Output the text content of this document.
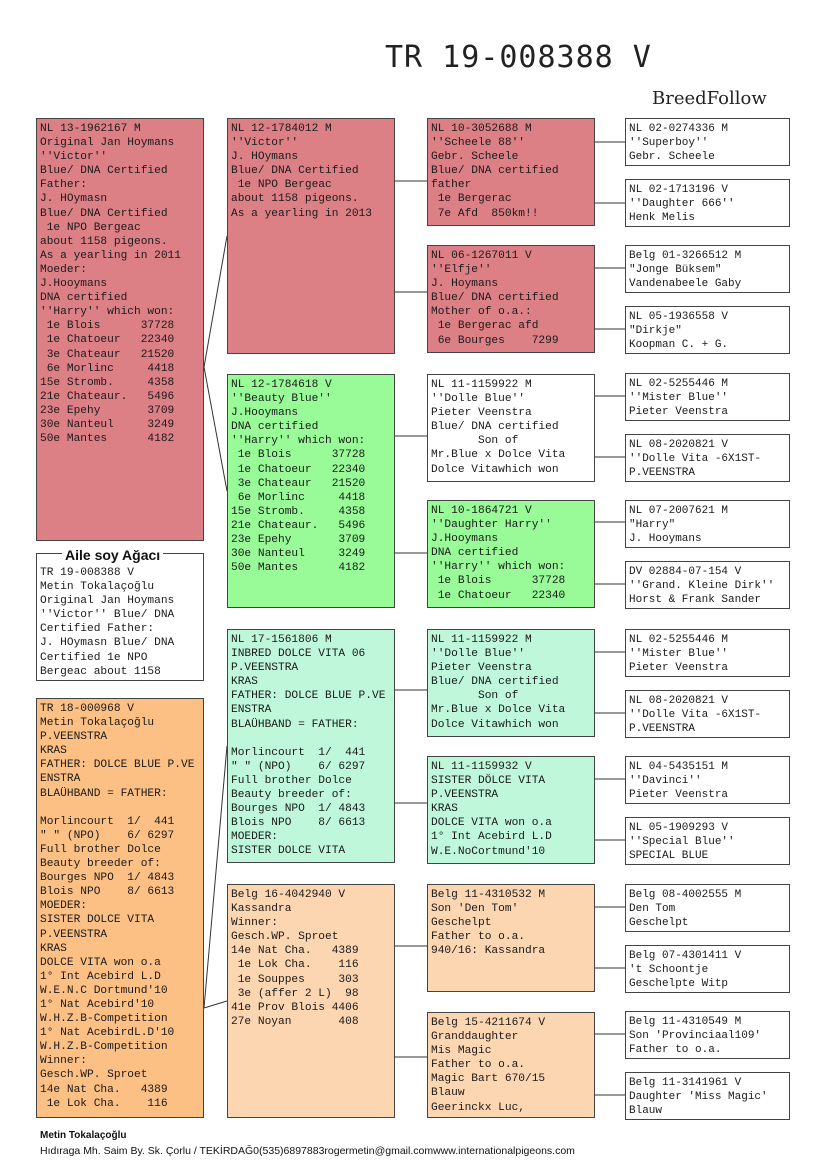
TR 19-008388 V
BreedFollow
NL 13-1962167 M
Original Jan Hoymans
''Victor''
Blue/ DNA Certified
Father:
J. HOymasn
Blue/ DNA Certified
1e NPO Bergeac
about 1158 pigeons.
As a yearling in 2011
Moeder:
J.Hooymans
DNA certified
''Harry'' which won:
1e Blois      37728
1e Chatoeur   22340
3e Chateaur   21520
6e Morlinc     4418
15e Stromb.     4358
21e Chateaur.   5496
23e Epehy       3709
30e Nanteul     3249
50e Mantes      4182
TR 19-008388 V
Metin Tokalaçoğlu
Original Jan Hoymans
''Victor'' Blue/ DNA
Certified Father:
J. HOymasn Blue/ DNA
Certified 1e NPO
Bergeac about 1158
Aile soy Ağacı
TR 18-000968 V
Metin Tokalaçoğlu
P.VEENSTRA
KRAS
FATHER: DOLCE BLUE P.VE
ENSTRA
BLAÜHBAND = FATHER:

Morlincourt  1/  441
" " (NPO)    6/ 6297
Full brother Dolce
Beauty breeder of:
Bourges NPO  1/ 4843
Blois NPO    8/ 6613
MOEDER:
SISTER DOLCE VITA
P.VEENSTRA
KRAS
DOLCE VITA won o.a
1° Int Acebird L.D
W.E.N.C Dortmund'10
1° Nat Acebird'10
W.H.Z.B-Competition
1° Nat AcebirdL.D'10
W.H.Z.B-Competition
Winner:
Gesch.WP. Sproet
14e Nat Cha.   4389
1e Lok Cha.    116
NL 12-1784012 M
''Victor''
J. HOymans
Blue/ DNA Certified
1e NPO Bergeac
about 1158 pigeons.
As a yearling in 2013
NL 12-1784618 V
''Beauty Blue''
J.Hooymans
DNA certified
''Harry'' which won:
1e Blois      37728
1e Chatoeur   22340
3e Chateaur   21520
6e Morlinc     4418
15e Stromb.     4358
21e Chateaur.   5496
23e Epehy       3709
30e Nanteul     3249
50e Mantes      4182
NL 17-1561806 M
INBRED DOLCE VITA 06
P.VEENSTRA
KRAS
FATHER: DOLCE BLUE P.VE
ENSTRA
BLAÜHBAND = FATHER:

Morlincourt  1/  441
" " (NPO)    6/ 6297
Full brother Dolce
Beauty breeder of:
Bourges NPO  1/ 4843
Blois NPO    8/ 6613
MOEDER:
SISTER DOLCE VITA
Belg 16-4042940 V
Kassandra
Winner:
Gesch.WP. Sproet
14e Nat Cha.   4389
1e Lok Cha.    116
1e Souppes     303
3e (affer 2 L)  98
41e Prov Blois 4406
27e Noyan       408
NL 10-3052688 M
''Scheele 88''
Gebr. Scheele
Blue/ DNA certified
father
1e Bergerac
7e Afd  850km!!
NL 06-1267011 V
''Elfje''
J. Hoymans
Blue/ DNA certified
Mother of o.a.:
1e Bergerac afd
6e Bourges    7299
NL 11-1159922 M
''Dolle Blue''
Pieter Veenstra
Blue/ DNA certified
Son of
Mr.Blue x Dolce Vita
Dolce Vitawhich won
NL 10-1864721 V
''Daughter Harry''
J.Hooymans
DNA certified
''Harry'' which won:
1e Blois      37728
1e Chatoeur   22340
NL 11-1159922 M
''Dolle Blue''
Pieter Veenstra
Blue/ DNA certified
Son of
Mr.Blue x Dolce Vita
Dolce Vitawhich won
NL 11-1159932 V
SISTER DÖLCE VITA
P.VEENSTRA
KRAS
DOLCE VITA won o.a
1° Int Acebird L.D
W.E.NoCortmund'10
Belg 11-4310532 M
Son 'Den Tom'
Geschelpt
Father to o.a.
940/16: Kassandra
Belg 15-4211674 V
Granddaughter
Mis Magic
Father to o.a.
Magic Bart 670/15
Blauw
Geerinckx Luc,
NL 02-0274336 M
''Superboy''
Gebr. Scheele
NL 02-1713196 V
''Daughter 666''
Henk Melis
Belg 01-3266512 M
"Jonge Büksem"
Vandenabeele Gaby
NL 05-1936558 V
"Dirkje"
Koopman C. + G.
NL 02-5255446 M
''Mister Blue''
Pieter Veenstra
NL 08-2020821 V
''Dolle Vita -6X1ST-
P.VEENSTRA
NL 07-2007621 M
"Harry"
J. Hooymans
DV 02884-07-154 V
''Grand. Kleine Dirk''
Horst & Frank Sander
NL 02-5255446 M
''Mister Blue''
Pieter Veenstra
NL 08-2020821 V
''Dolle Vita -6X1ST-
P.VEENSTRA
NL 04-5435151 M
''Davinci''
Pieter Veenstra
NL 05-1909293 V
''Special Blue''
SPECIAL BLUE
Belg 08-4002555 M
Den Tom
Geschelpt
Belg 07-4301411 V
't Schoontje
Geschelpte Witp
Belg 11-4310549 M
Son 'Provinciaal109'
Father to o.a.
Belg 11-3141961 V
Daughter 'Miss Magic'
Blauw
Metin Tokalaçoğlu
Hıdıraga Mh. Saim By. Sk. Çorlu / TEKİRDAĞ0(535)6897883rogermetin@gmail.comwww.internationalpigeons.com
